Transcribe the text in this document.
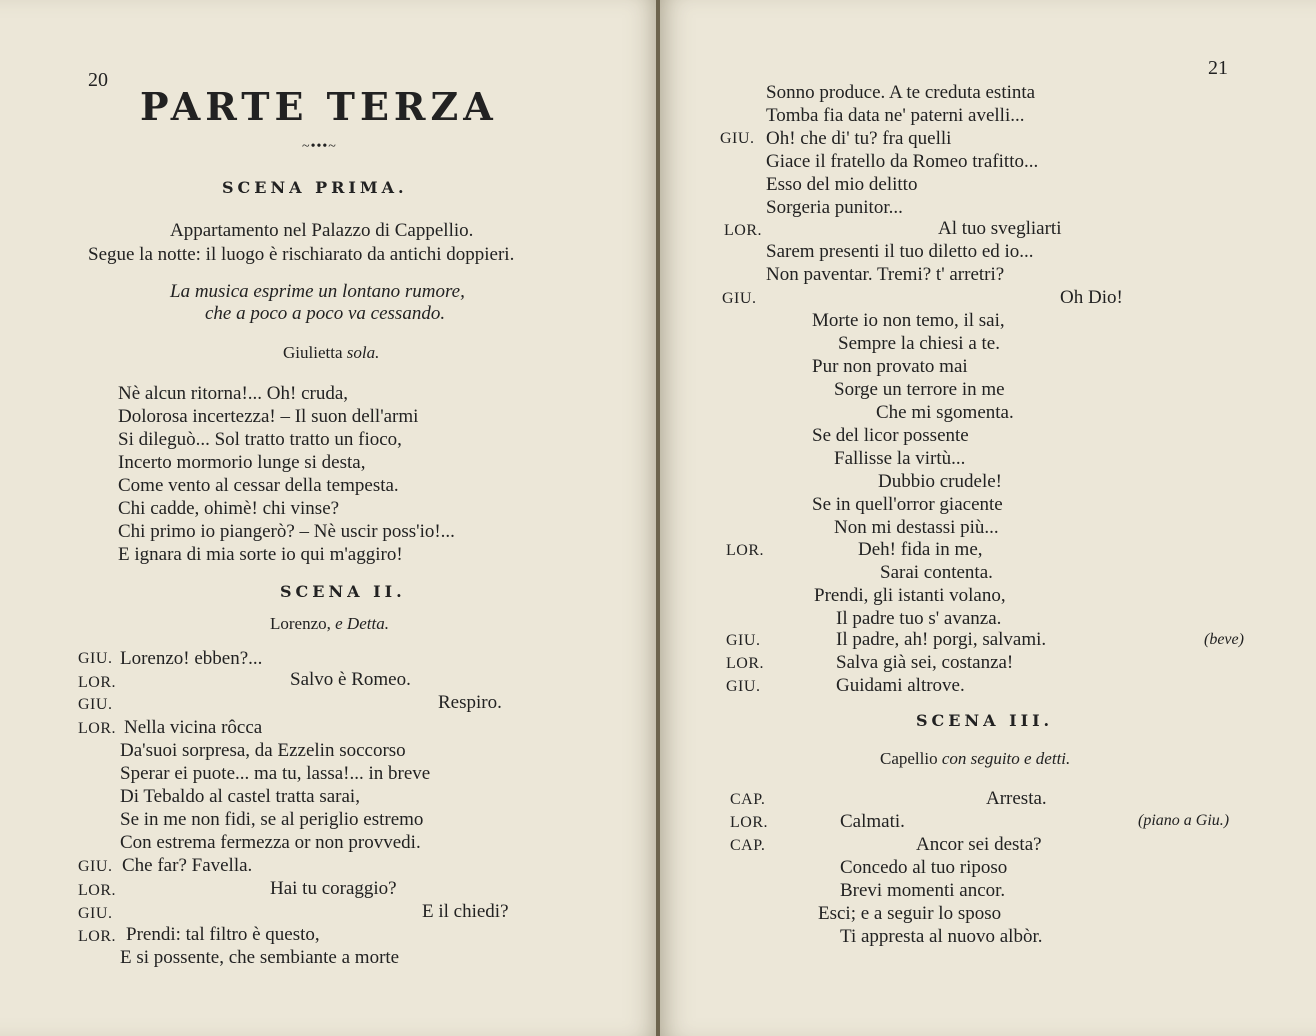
20
PARTE TERZA
~•••~
SCENA PRIMA.
Appartamento nel Palazzo di Cappellio.
Segue la notte: il luogo è rischiarato da antichi doppieri.
La musica esprime un lontano rumore,
che a poco a poco va cessando.
Giulietta sola.
Nè alcun ritorna!... Oh! cruda,
Dolorosa incertezza! – Il suon dell'armi
Si dileguò... Sol tratto tratto un fioco,
Incerto mormorio lunge si desta,
Come vento al cessar della tempesta.
Chi cadde, ohimè! chi vinse?
Chi primo io piangerò? – Nè uscir poss'io!...
E ignara di mia sorte io qui m'aggiro!
SCENA II.
Lorenzo, e Detta.
GIU. Lorenzo! ebben?...
LOR.	Salvo è Romeo.
GIU.	Respiro.
LOR. Nella vicina rôcca
Da'suoi sorpresa, da Ezzelin soccorso
Sperar ei puote... ma tu, lassa!... in breve
Di Tebaldo al castel tratta sarai,
Se in me non fidi, se al periglio estremo
Con estrema fermezza or non provvedi.
GIU. Che far? Favella.
LOR.	Hai tu coraggio?
GIU.	E il chiedi?
LOR. Prendi: tal filtro è questo,
E si possente, che sembiante a morte
21
Sonno produce. A te creduta estinta
Tomba fia data ne' paterni avelli...
GIU. Oh! che di' tu? fra quelli
Giace il fratello da Romeo trafitto...
Esso del mio delitto
Sorgeria punitor...
LOR.	Al tuo svegliarti
Sarem presenti il tuo diletto ed io...
Non paventar. Tremi? t' arretri?
GIU.	Oh Dio!
Morte io non temo, il sai,
Sempre la chiesi a te.
Pur non provato mai
Sorge un terrore in me
Che mi sgomenta.
Se del licor possente
Fallisse la virtù...
Dubbio crudele!
Se in quell'orror giacente
Non mi destassi più...
LOR.	Deh! fida in me,
Sarai contenta.
Prendi, gli istanti volano,
Il padre tuo s' avanza.
GIU.	Il padre, ah! porgi, salvami.	(beve)
LOR.	Salva già sei, costanza!
GIU.	Guidami altrove.
SCENA III.
Capellio con seguito e detti.
CAP.	Arresta.
LOR.	Calmati.	(piano a Giu.)
CAP.	Ancor sei desta?
Concedo al tuo riposo
Brevi momenti ancor.
Esci; e a seguir lo sposo
Ti appresta al nuovo albòr.
